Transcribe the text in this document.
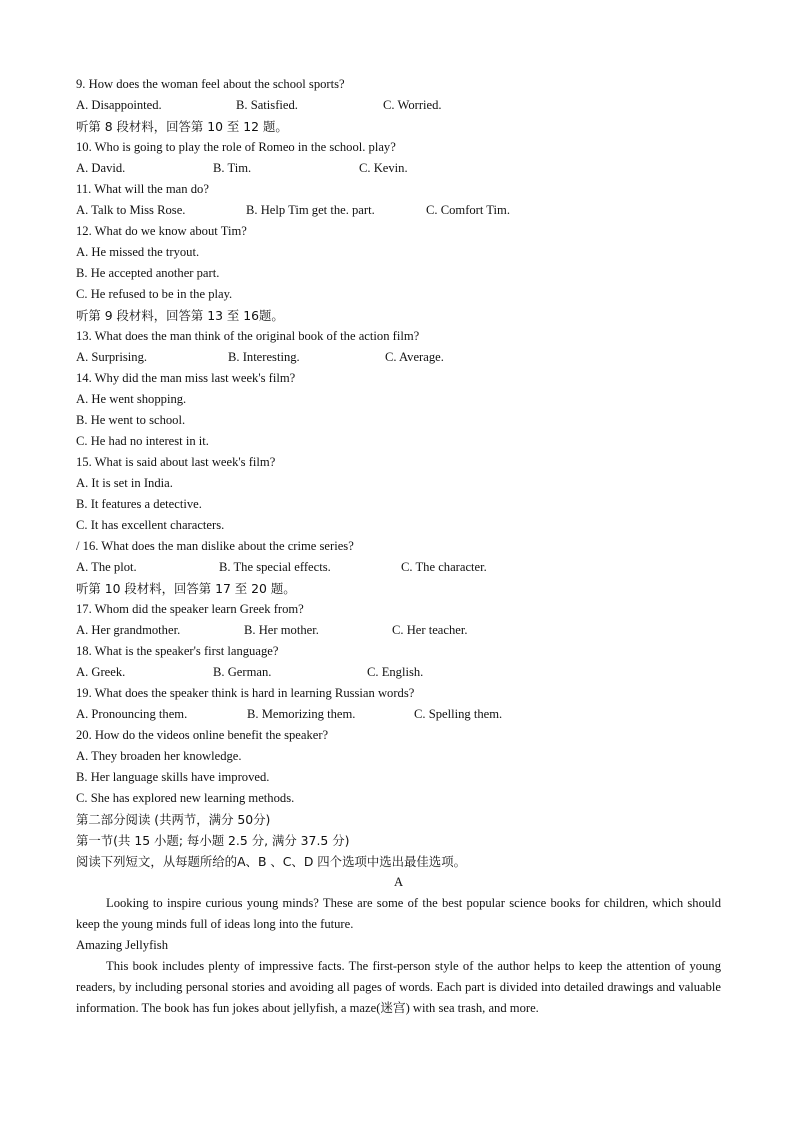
9. How does the woman feel about the school sports?
A. Disappointed.	B. Satisfied.	C. Worried.
听第 8 段材料，回答第 10 至 12 题。
10. Who is going to play the role of Romeo in the school. play?
A. David.	B. Tim.	C. Kevin.
11. What will the man do?
A. Talk to Miss Rose.	B. Help Tim get the. part.	C. Comfort Tim.
12. What do we know about Tim?
A. He missed the tryout.
B. He accepted another part.
C. He refused to be in the play.
听第 9 段材料，回答第 13 至 16题。
13. What does the man think of the original book of the action film?
A. Surprising.	B. Interesting.	C. Average.
14. Why did the man miss last week's film?
A. He went shopping.
B. He went to school.
C. He had no interest in it.
15. What is said about last week's film?
A. It is set in India.
B. It features a detective.
C. It has excellent characters.
/ 16. What does the man dislike about the crime series?
A. The plot.	B. The special effects.	C. The character.
听第 10 段材料，回答第 17 至 20 题。
17. Whom did the speaker learn Greek from?
A. Her grandmother.	B. Her mother.	C. Her teacher.
18. What is the speaker's first language?
A. Greek.	B. German.	C. English.
19. What does the speaker think is hard in learning Russian words?
A. Pronouncing them.	B. Memorizing them.	C. Spelling them.
20. How do the videos online benefit the speaker?
A. They broaden her knowledge.
B. Her language skills have improved.
C. She has explored new learning methods.
第二部分阅读 (共两节，满分 50分)
第一节(共 15 小题; 每小题 2.5 分, 满分 37.5 分)
阅读下列短文，从每题所给的A、B 、C、D 四个选项中选出最佳选项。
A
Looking to inspire curious young minds? These are some of the best popular science books for children, which should keep the young minds full of ideas long into the future.
Amazing Jellyfish
This book includes plenty of impressive facts. The first-person style of the author helps to keep the attention of young readers, by including personal stories and avoiding all pages of words. Each part is divided into detailed drawings and valuable information. The book has fun jokes about jellyfish, a maze(迷宫) with sea trash, and more.
